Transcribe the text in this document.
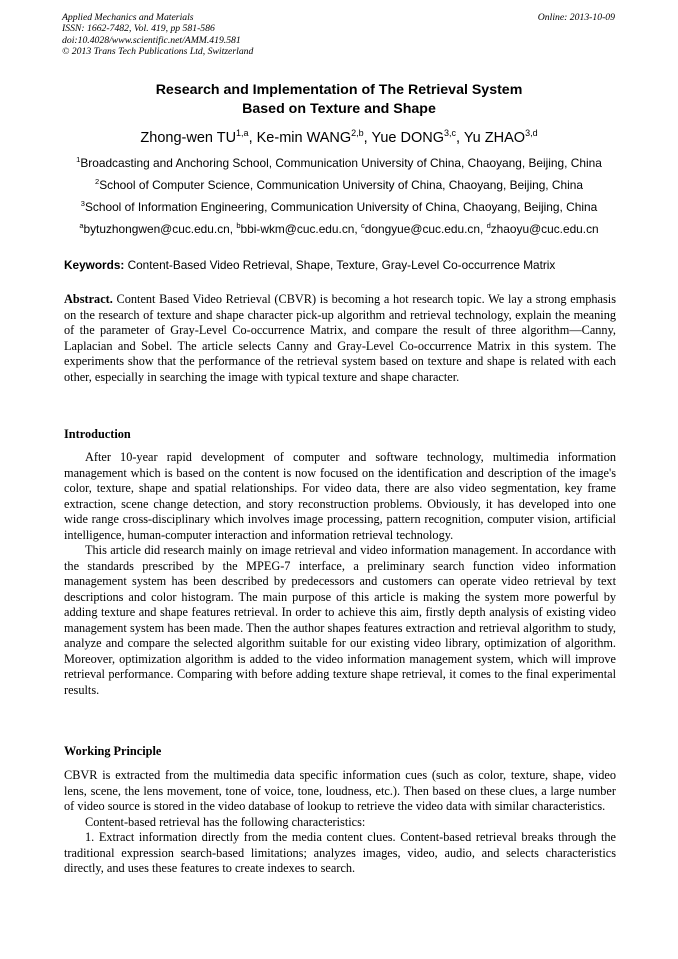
Applied Mechanics and Materials
ISSN: 1662-7482, Vol. 419, pp 581-586
doi:10.4028/www.scientific.net/AMM.419.581
© 2013 Trans Tech Publications Ltd, Switzerland
Online: 2013-10-09
Research and Implementation of The Retrieval System
Based on Texture and Shape
Zhong-wen TU$^{1,a}$, Ke-min WANG$^{2,b}$, Yue DONG$^{3,c}$, Yu ZHAO$^{3,d}$
$^1$Broadcasting and Anchoring School, Communication University of China, Chaoyang, Beijing, China
$^2$School of Computer Science, Communication University of China, Chaoyang, Beijing, China
$^3$School of Information Engineering, Communication University of China, Chaoyang, Beijing, China
$^a$bytuzhongwen@cuc.edu.cn, $^b$bbi-wkm@cuc.edu.cn, $^c$dongyue@cuc.edu.cn, $^d$zhaoyu@cuc.edu.cn
Keywords: Content-Based Video Retrieval, Shape, Texture, Gray-Level Co-occurrence Matrix

Abstract. Content Based Video Retrieval (CBVR) is becoming a hot research topic. We lay a strong emphasis on the research of texture and shape character pick-up algorithm and retrieval technology, explain the meaning of the parameter of Gray-Level Co-occurrence Matrix, and compare the result of three algorithm—Canny, Laplacian and Sobel. The article selects Canny and Gray-Level Co-occurrence Matrix in this system. The experiments show that the performance of the retrieval system based on texture and shape is related with each other, especially in searching the image with typical texture and shape character.

Introduction

After 10-year rapid development of computer and software technology, multimedia information management which is based on the content is now focused on the identification and description of the image's color, texture, shape and spatial relationships. For video data, there are also video segmentation, key frame extraction, scene change detection, and story reconstruction problems. Obviously, it has developed into one wide range cross-disciplinary which involves image processing, pattern recognition, computer vision, artificial intelligence, human-computer interaction and information retrieval technology.

This article did research mainly on image retrieval and video information management. In accordance with the standards prescribed by the MPEG-7 interface, a preliminary search function video information management system has been described by predecessors and customers can operate video retrieval by text descriptions and color histogram. The main purpose of this article is making the system more powerful by adding texture and shape features retrieval. In order to achieve this aim, firstly depth analysis of existing video management system has been made. Then the author shapes features extraction and retrieval algorithm to study, analyze and compare the selected algorithm suitable for our existing video library, optimization of algorithm. Moreover, optimization algorithm is added to the video information management system, which will improve retrieval performance. Comparing with before adding texture shape retrieval, it comes to the final experimental results.

Working Principle

CBVR is extracted from the multimedia data specific information cues (such as color, texture, shape, video lens, scene, the lens movement, tone of voice, tone, loudness, etc.). Then based on these clues, a large number of video source is stored in the video database of lookup to retrieve the video data with similar characteristics.

Content-based retrieval has the following characteristics:

1. Extract information directly from the media content clues. Content-based retrieval breaks through the traditional expression search-based limitations; analyzes images, video, audio, and selects characteristics directly, and uses these features to create indexes to search.
